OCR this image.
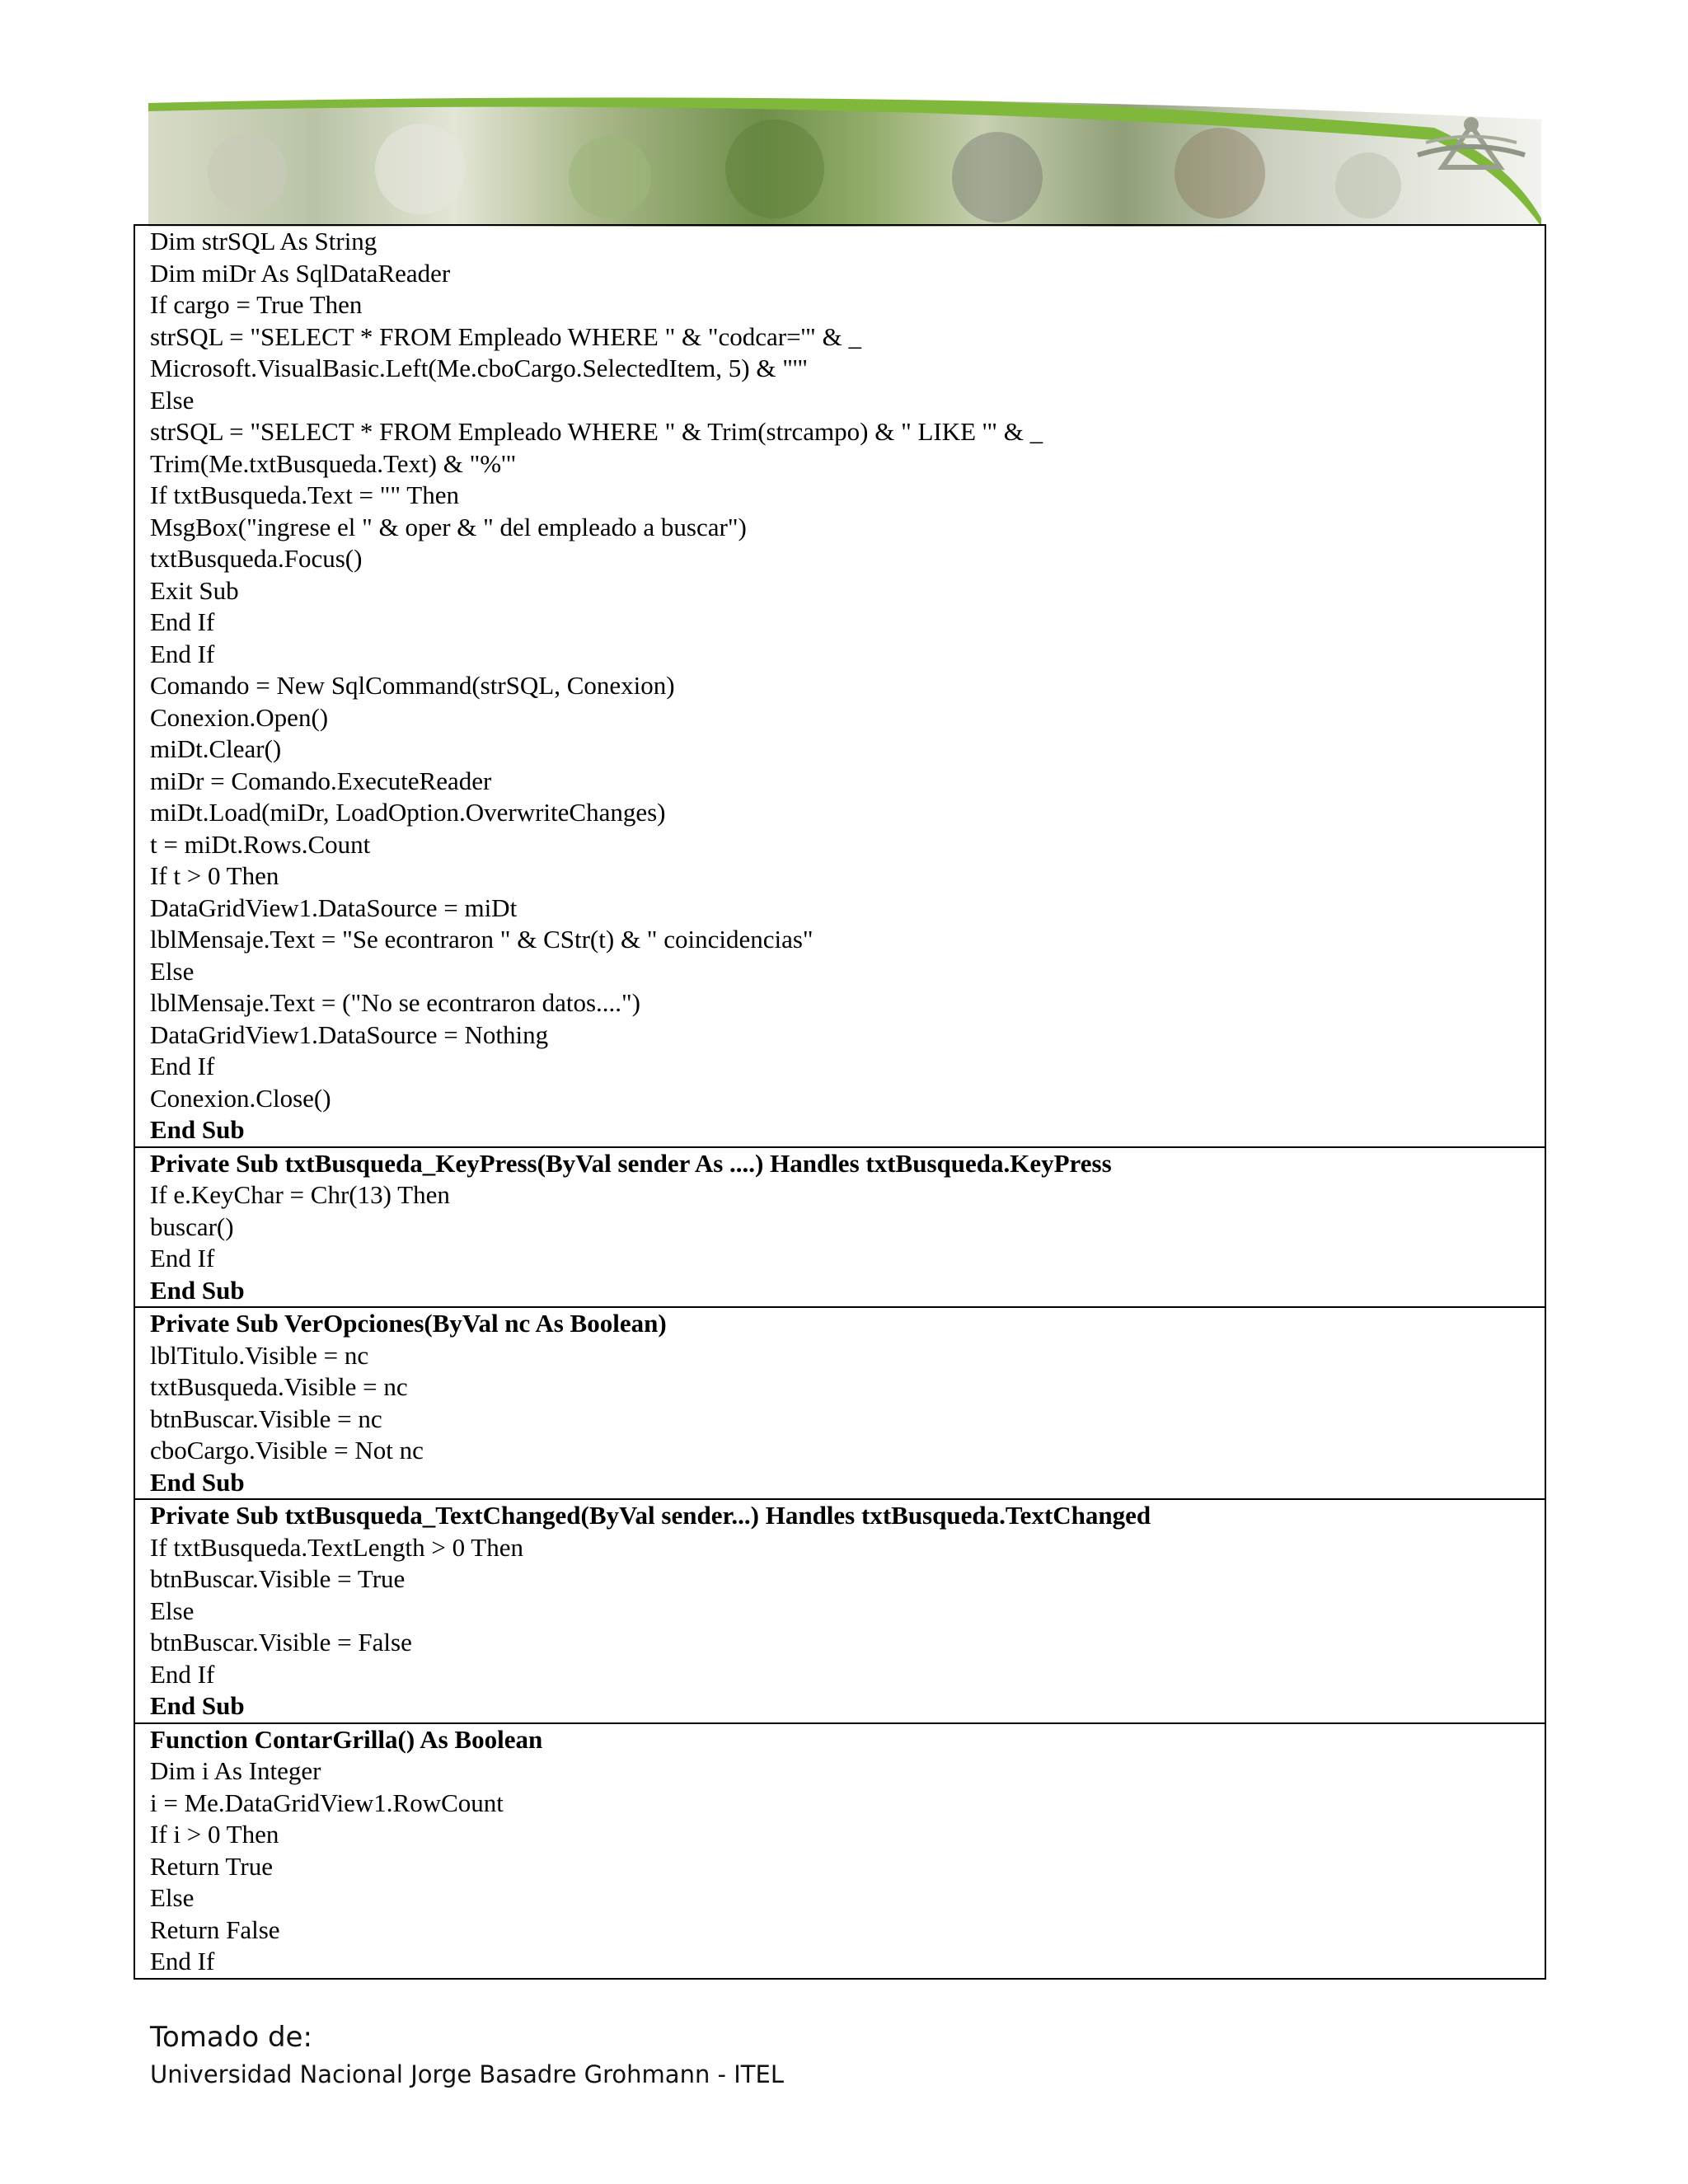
Dim strSQL As String
Dim miDr As SqlDataReader
If cargo = True Then
strSQL = "SELECT * FROM Empleado WHERE " & "codcar='" & _
Microsoft.VisualBasic.Left(Me.cboCargo.SelectedItem, 5) & "'"
Else
strSQL = "SELECT * FROM Empleado WHERE " & Trim(strcampo) & " LIKE '" & _
Trim(Me.txtBusqueda.Text) & "%'"
If txtBusqueda.Text = "" Then
MsgBox("ingrese el " & oper & " del empleado a buscar")
txtBusqueda.Focus()
Exit Sub
End If
End If
Comando = New SqlCommand(strSQL, Conexion)
Conexion.Open()
miDt.Clear()
miDr = Comando.ExecuteReader
miDt.Load(miDr, LoadOption.OverwriteChanges)
t = miDt.Rows.Count
If t > 0 Then
DataGridView1.DataSource = miDt
lblMensaje.Text = "Se econtraron " & CStr(t) & " coincidencias"
Else
lblMensaje.Text = ("No se econtraron datos....")
DataGridView1.DataSource = Nothing
End If
Conexion.Close()
End Sub

Private Sub txtBusqueda_KeyPress(ByVal sender As ....) Handles txtBusqueda.KeyPress
If e.KeyChar = Chr(13) Then
buscar()
End If
End Sub

Private Sub VerOpciones(ByVal nc As Boolean)
lblTitulo.Visible = nc
txtBusqueda.Visible = nc
btnBuscar.Visible = nc
cboCargo.Visible = Not nc
End Sub

Private Sub txtBusqueda_TextChanged(ByVal sender...) Handles txtBusqueda.TextChanged
If txtBusqueda.TextLength > 0 Then
btnBuscar.Visible = True
Else
btnBuscar.Visible = False
End If
End Sub

Function ContarGrilla() As Boolean
Dim i As Integer
i = Me.DataGridView1.RowCount
If i > 0 Then
Return True
Else
Return False
End If
Tomado de:
Universidad Nacional Jorge Basadre Grohmann - ITEL
